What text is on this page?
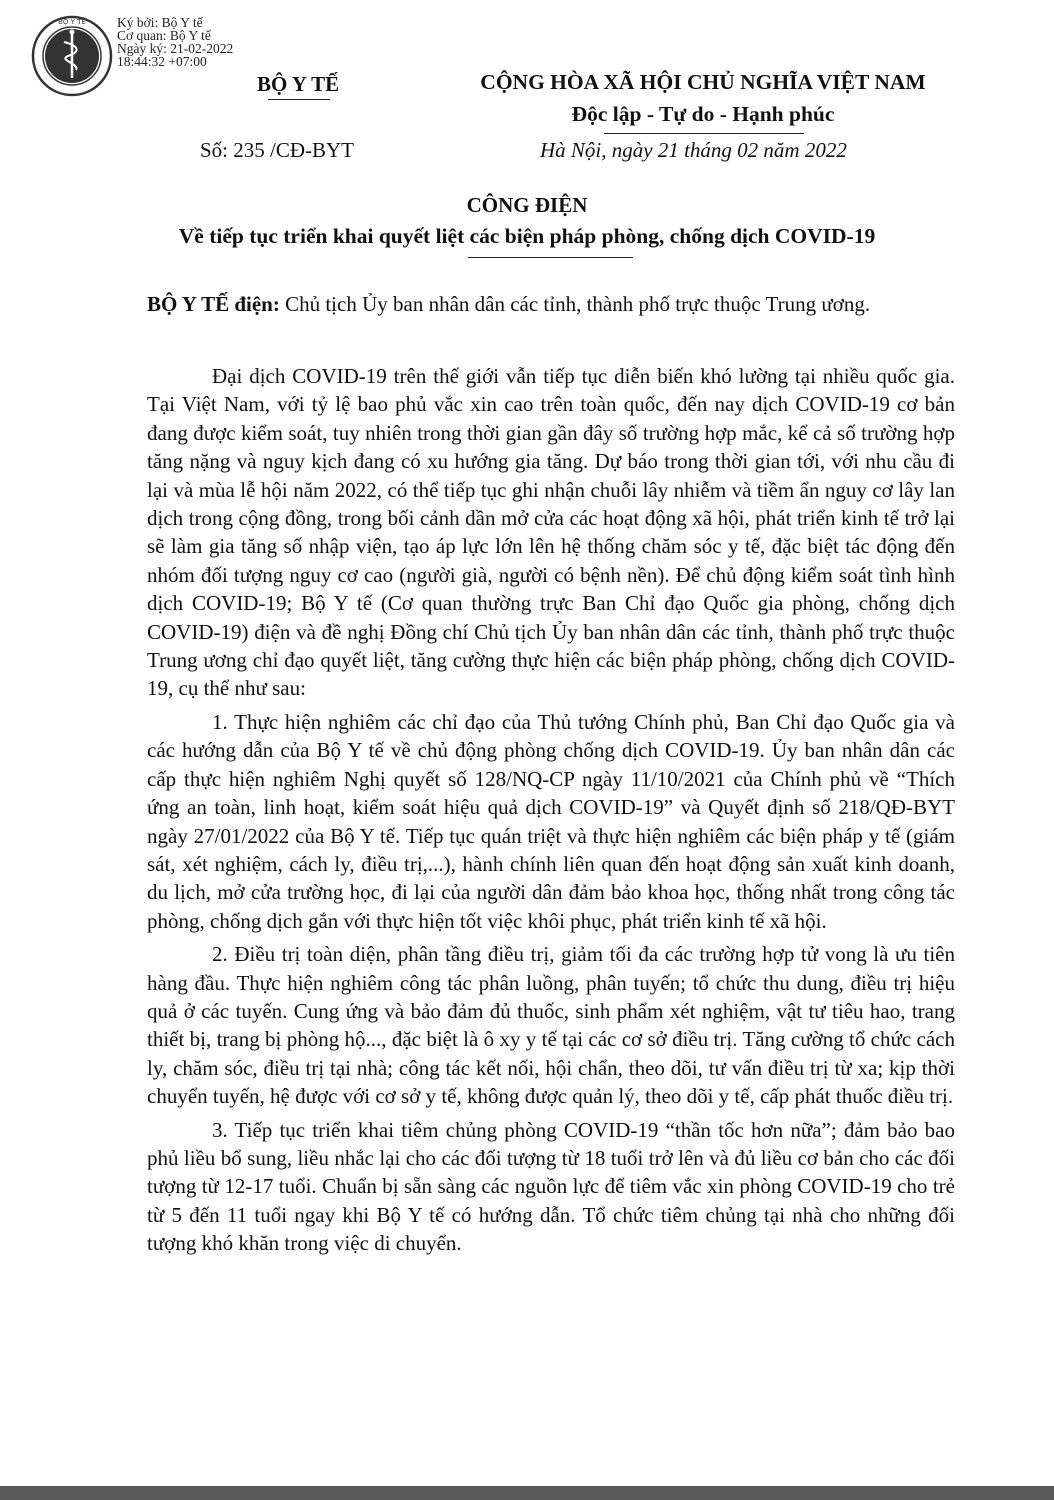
BỘ Y TẾ Ký bởi: Bộ Y tế
Cơ quan: Bộ Y tế
Ngày ký: 21-02-2022
18:44:32 +07:00
BỘ Y TẾ	CỘNG HÒA XÃ HỘI CHỦ NGHĨA VIỆT NAM
Độc lập - Tự do - Hạnh phúc
Số: 235 /CĐ-BYT	Hà Nội, ngày 21 tháng 02 năm 2022
CÔNG ĐIỆN
Về tiếp tục triển khai quyết liệt các biện pháp phòng, chống dịch COVID-19
BỘ Y TẾ điện: Chủ tịch Ủy ban nhân dân các tỉnh, thành phố trực thuộc Trung ương.

Đại dịch COVID-19 trên thế giới vẫn tiếp tục diễn biến khó lường tại nhiều quốc gia. Tại Việt Nam, với tỷ lệ bao phủ vắc xin cao trên toàn quốc, đến nay dịch COVID-19 cơ bản đang được kiểm soát, tuy nhiên trong thời gian gần đây số trường hợp mắc, kể cả số trường hợp tăng nặng và nguy kịch đang có xu hướng gia tăng. Dự báo trong thời gian tới, với nhu cầu đi lại và mùa lễ hội năm 2022, có thể tiếp tục ghi nhận chuỗi lây nhiễm và tiềm ẩn nguy cơ lây lan dịch trong cộng đồng, trong bối cảnh dần mở cửa các hoạt động xã hội, phát triển kinh tế trở lại sẽ làm gia tăng số nhập viện, tạo áp lực lớn lên hệ thống chăm sóc y tế, đặc biệt tác động đến nhóm đối tượng nguy cơ cao (người già, người có bệnh nền). Để chủ động kiểm soát tình hình dịch COVID-19; Bộ Y tế (Cơ quan thường trực Ban Chỉ đạo Quốc gia phòng, chống dịch COVID-19) điện và đề nghị Đồng chí Chủ tịch Ủy ban nhân dân các tỉnh, thành phố trực thuộc Trung ương chỉ đạo quyết liệt, tăng cường thực hiện các biện pháp phòng, chống dịch COVID-19, cụ thể như sau:

1. Thực hiện nghiêm các chỉ đạo của Thủ tướng Chính phủ, Ban Chỉ đạo Quốc gia và các hướng dẫn của Bộ Y tế về chủ động phòng chống dịch COVID-19. Ủy ban nhân dân các cấp thực hiện nghiêm Nghị quyết số 128/NQ-CP ngày 11/10/2021 của Chính phủ về “Thích ứng an toàn, linh hoạt, kiểm soát hiệu quả dịch COVID-19” và Quyết định số 218/QĐ-BYT ngày 27/01/2022 của Bộ Y tế. Tiếp tục quán triệt và thực hiện nghiêm các biện pháp y tế (giám sát, xét nghiệm, cách ly, điều trị,...), hành chính liên quan đến hoạt động sản xuất kinh doanh, du lịch, mở cửa trường học, đi lại của người dân đảm bảo khoa học, thống nhất trong công tác phòng, chống dịch gắn với thực hiện tốt việc khôi phục, phát triển kinh tế xã hội.

2. Điều trị toàn diện, phân tầng điều trị, giảm tối đa các trường hợp tử vong là ưu tiên hàng đầu. Thực hiện nghiêm công tác phân luồng, phân tuyến; tổ chức thu dung, điều trị hiệu quả ở các tuyến. Cung ứng và bảo đảm đủ thuốc, sinh phẩm xét nghiệm, vật tư tiêu hao, trang thiết bị, trang bị phòng hộ..., đặc biệt là ô xy y tế tại các cơ sở điều trị. Tăng cường tổ chức cách ly, chăm sóc, điều trị tại nhà; công tác kết nối, hội chẩn, theo dõi, tư vấn điều trị từ xa; kịp thời chuyển tuyến, hệ được với cơ sở y tế, không được quản lý, theo dõi y tế, cấp phát thuốc điều trị.

3. Tiếp tục triển khai tiêm chủng phòng COVID-19 “thần tốc hơn nữa”; đảm bảo bao phủ liều bổ sung, liều nhắc lại cho các đối tượng từ 18 tuổi trở lên và đủ liều cơ bản cho các đối tượng từ 12-17 tuổi. Chuẩn bị sẵn sàng các nguồn lực để tiêm vắc xin phòng COVID-19 cho trẻ từ 5 đến 11 tuổi ngay khi Bộ Y tế có hướng dẫn. Tổ chức tiêm chủng tại nhà cho những đối tượng khó khăn trong việc di chuyển.
